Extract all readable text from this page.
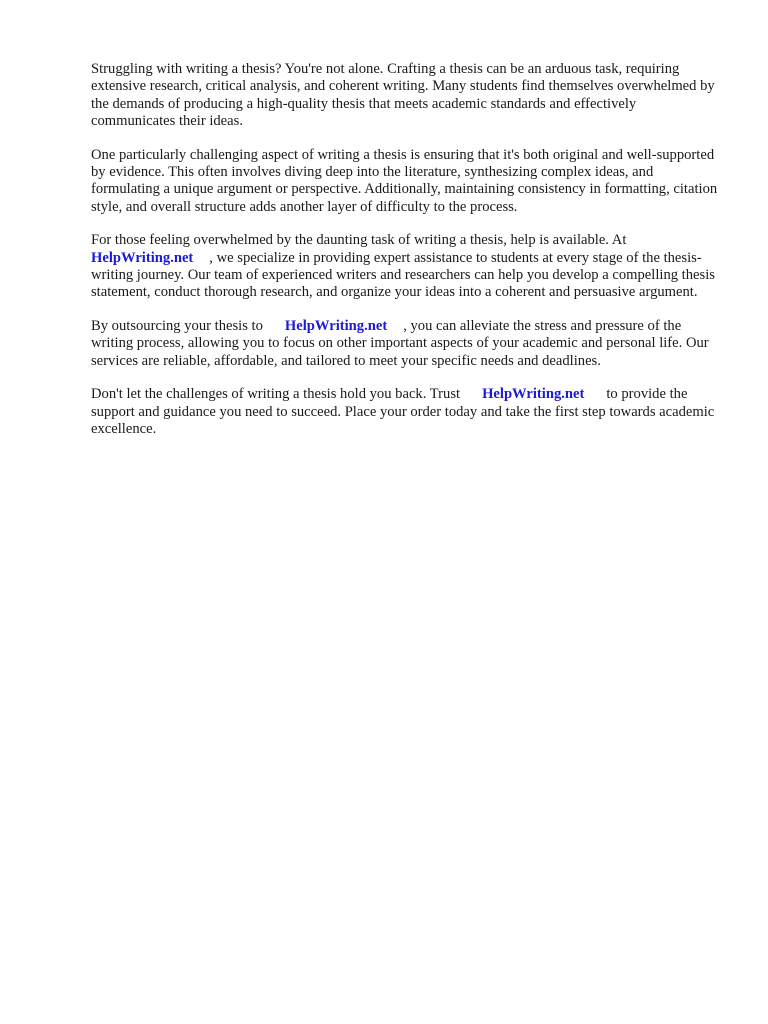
Struggling with writing a thesis? You're not alone. Crafting a thesis can be an arduous task, requiring extensive research, critical analysis, and coherent writing. Many students find themselves overwhelmed by the demands of producing a high-quality thesis that meets academic standards and effectively communicates their ideas.

One particularly challenging aspect of writing a thesis is ensuring that it's both original and well-supported by evidence. This often involves diving deep into the literature, synthesizing complex ideas, and formulating a unique argument or perspective. Additionally, maintaining consistency in formatting, citation style, and overall structure adds another layer of difficulty to the process.

For those feeling overwhelmed by the daunting task of writing a thesis, help is available. At
HelpWriting.net , we specialize in providing expert assistance to students at every stage of the thesis-writing journey. Our team of experienced writers and researchers can help you develop a compelling thesis statement, conduct thorough research, and organize your ideas into a coherent and persuasive argument.

By outsourcing your thesis to HelpWriting.net , you can alleviate the stress and pressure of the writing process, allowing you to focus on other important aspects of your academic and personal life. Our services are reliable, affordable, and tailored to meet your specific needs and deadlines.

Don't let the challenges of writing a thesis hold you back. Trust HelpWriting.net to provide the support and guidance you need to succeed. Place your order today and take the first step towards academic excellence.
